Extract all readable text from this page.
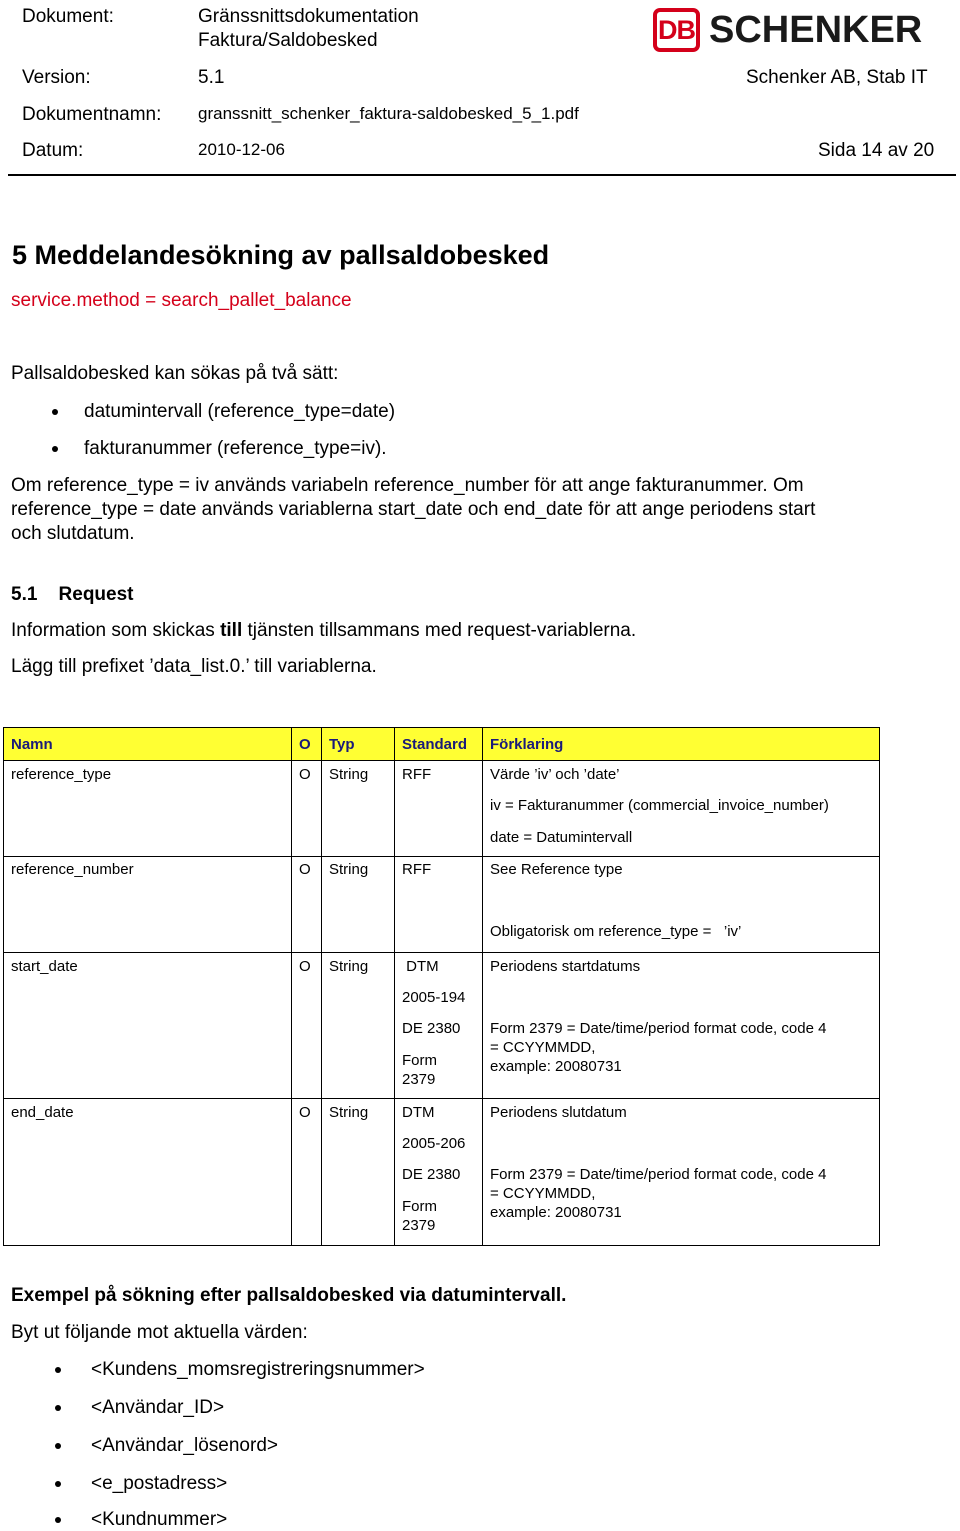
Dokument:	Gränssnittsdokumentation
Faktura/Saldobesked	DB SCHENKER
Version:	5.1	Schenker AB, Stab IT
Dokumentnamn: granssnitt_schenker_faktura-saldobesked_5_1.pdf
Datum:	2010-12-06	Sida 14 av 20
5 Meddelandesökning av pallsaldobesked
service.method = search_pallet_balance
Pallsaldobesked kan sökas på två sätt:
datumintervall (reference_type=date)
fakturanummer (reference_type=iv).
Om reference_type = iv används variabeln reference_number för att ange fakturanummer. Om
reference_type = date används variablerna start_date och end_date för att ange periodens start
och slutdatum.
5.1    Request
Information som skickas till tjänsten tillsammans med request-variablerna.
Lägg till prefixet ’data_list.0.’ till variablerna.
Namn	O	Typ	Standard	Förklaring

reference_type	O	String	RFF	Värde ’iv’ och ’date’
iv = Fakturanummer (commercial_invoice_number)
date = Datumintervall

reference_number	O	String	RFF	See Reference type
Obligatorisk om reference_type =   ’iv’

start_date	O	String	DTM
2005-194
DE 2380
Form
2379	Periodens startdatums
Form 2379 = Date/time/period format code, code 4
= CCYYMMDD,
example: 20080731

end_date	O	String	DTM
2005-206
DE 2380
Form
2379	Periodens slutdatum
Form 2379 = Date/time/period format code, code 4
= CCYYMMDD,
example: 20080731
Exempel på sökning efter pallsaldobesked via datumintervall.
Byt ut följande mot aktuella värden:
<Kundens_momsregistreringsnummer>
<Användar_ID>
<Användar_lösenord>
<e_postadress>
<Kundnummer>
